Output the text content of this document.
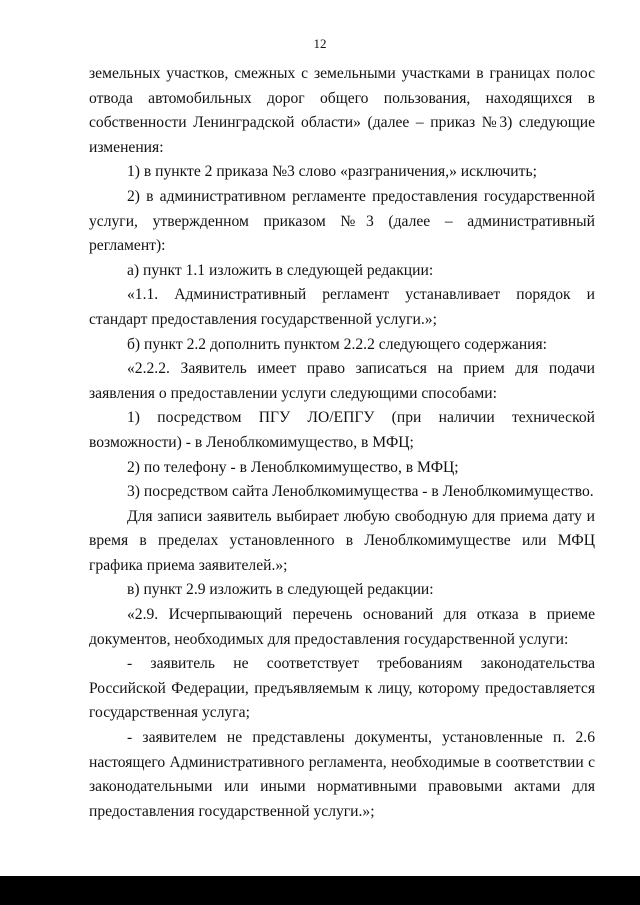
12

земельных участков, смежных с земельными участками в границах полос отвода автомобильных дорог общего пользования, находящихся в собственности Ленинградской области» (далее – приказ №3) следующие изменения:

1) в пункте 2 приказа №3 слово «разграничения,» исключить;

2) в административном регламенте предоставления государственной услуги, утвержденном приказом №3 (далее – административный регламент):

а) пункт 1.1 изложить в следующей редакции:

«1.1. Административный регламент устанавливает порядок и стандарт предоставления государственной услуги.»;

б) пункт 2.2 дополнить пунктом 2.2.2 следующего содержания:

«2.2.2. Заявитель имеет право записаться на прием для подачи заявления о предоставлении услуги следующими способами:

1) посредством ПГУ ЛО/ЕПГУ (при наличии технической возможности) - в Леноблкомимущество, в МФЦ;

2) по телефону - в Леноблкомимущество, в МФЦ;

3) посредством сайта Леноблкомимущества - в Леноблкомимущество.

Для записи заявитель выбирает любую свободную для приема дату и время в пределах установленного в Леноблкомимуществе или МФЦ графика приема заявителей.»;

в) пункт 2.9 изложить в следующей редакции:

«2.9. Исчерпывающий перечень оснований для отказа в приеме документов, необходимых для предоставления государственной услуги:

- заявитель не соответствует требованиям законодательства Российской Федерации, предъявляемым к лицу, которому предоставляется государственная услуга;

- заявителем не представлены документы, установленные п. 2.6 настоящего Административного регламента, необходимые в соответствии с законодательными или иными нормативными правовыми актами для предоставления государственной услуги.»;
